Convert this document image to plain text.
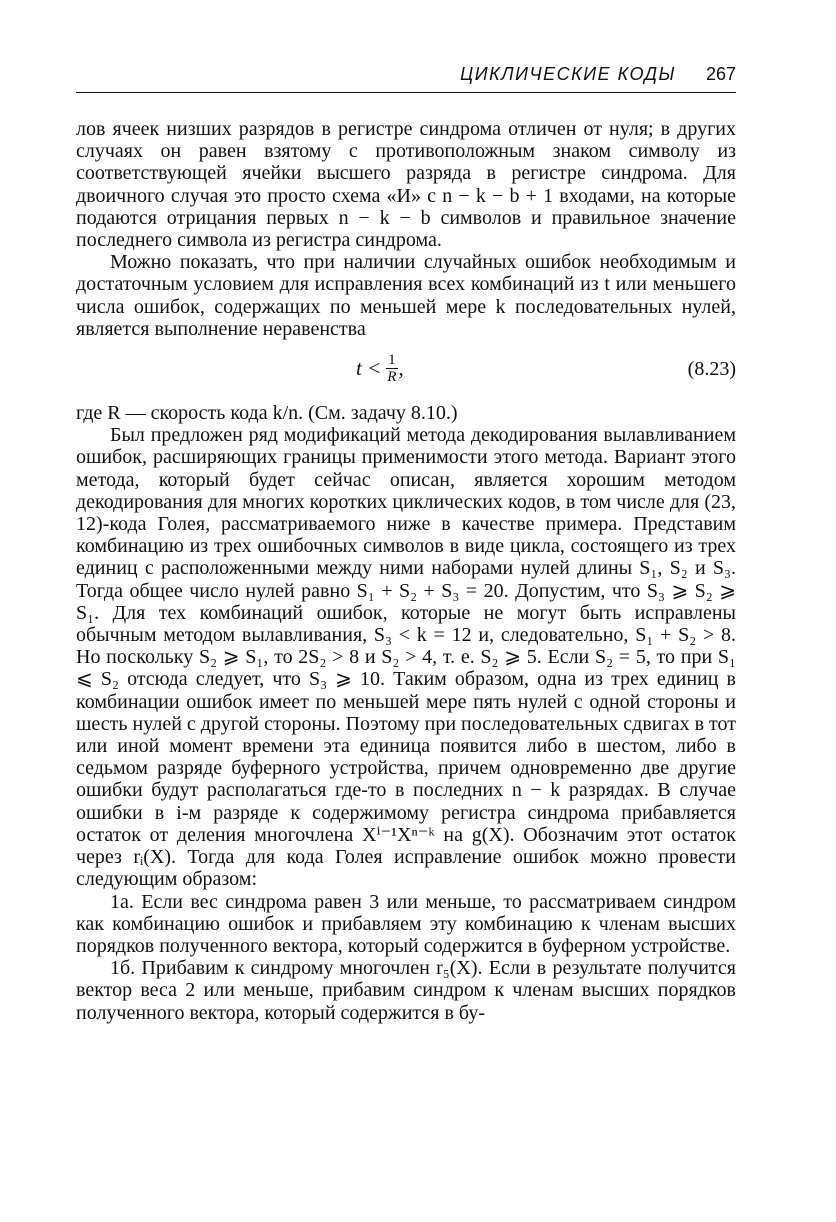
ЦИКЛИЧЕСКИЕ КОДЫ 267

лов ячеек низших разрядов в регистре синдрома отличен от нуля; в других случаях он равен взятому с противоположным знаком символу из соответствующей ячейки высшего разряда в регистре синдрома. Для двоичного случая это просто схема «И» с n − k − b + 1 входами, на которые подаются отрицания первых n − k − b символов и правильное значение последнего символа из регистра синдрома.

Можно показать, что при наличии случайных ошибок необходимым и достаточным условием для исправления всех комбинаций из t или меньшего числа ошибок, содержащих по меньшей мере k последовательных нулей, является выполнение неравенства

$t < \frac{1}{R}$ ,	(8.23)

где R — скорость кода k/n. (См. задачу 8.10.)

Был предложен ряд модификаций метода декодирования вылавливанием ошибок, расширяющих границы применимости этого метода. Вариант этого метода, который будет сейчас описан, является хорошим методом декодирования для многих коротких циклических кодов, в том числе для (23, 12)-кода Голея, рассматриваемого ниже в качестве примера. Представим комбинацию из трех ошибочных символов в виде цикла, состоящего из трех единиц с расположенными между ними наборами нулей длины S₁, S₂ и S₃. Тогда общее число нулей равно S₁ + S₂ + S₃ = 20. Допустим, что S₃ ⩾ S₂ ⩾ S₁. Для тех комбинаций ошибок, которые не могут быть исправлены обычным методом вылавливания, S₃ < k = 12 и, следовательно, S₁ + S₂ > 8. Но поскольку S₂ ⩾ S₁, то 2S₂ > 8 и S₂ > 4, т. е. S₂ ⩾ 5. Если S₂ = 5, то при S₁ ⩽ S₂ отсюда следует, что S₃ ⩾ 10. Таким образом, одна из трех единиц в комбинации ошибок имеет по меньшей мере пять нулей с одной стороны и шесть нулей с другой стороны. Поэтому при последовательных сдвигах в тот или иной момент времени эта единица появится либо в шестом, либо в седьмом разряде буферного устройства, причем одновременно две другие ошибки будут располагаться где-то в последних n − k разрядах. В случае ошибки в i-м разряде к содержимому регистра синдрома прибавляется остаток от деления многочлена Xⁱ⁻¹Xⁿ⁻ᵏ на g(X). Обозначим этот остаток через rᵢ(X). Тогда для кода Голея исправление ошибок можно провести следующим образом:

1а. Если вес синдрома равен 3 или меньше, то рассматриваем синдром как комбинацию ошибок и прибавляем эту комбинацию к членам высших порядков полученного вектора, который содержится в буферном устройстве.

1б. Прибавим к синдрому многочлен r₅(X). Если в результате получится вектор веса 2 или меньше, прибавим синдром к членам высших порядков полученного вектора, который содержится в бу-
